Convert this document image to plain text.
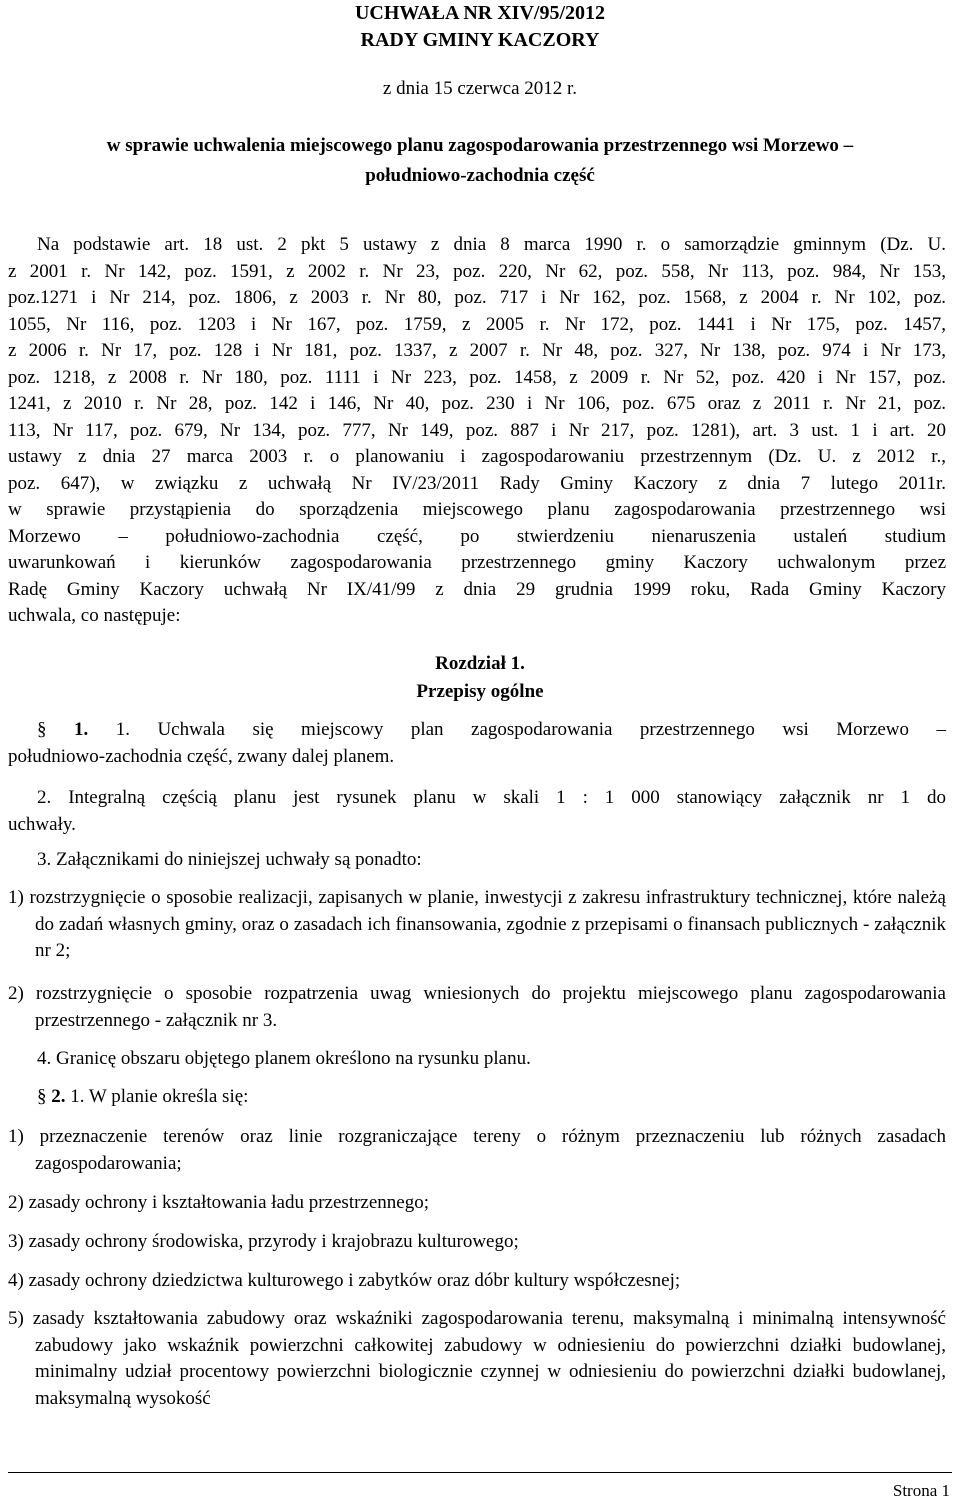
UCHWAŁA NR XIV/95/2012
RADY GMINY KACZORY
z dnia 15 czerwca 2012 r.
w sprawie uchwalenia miejscowego planu zagospodarowania przestrzennego wsi Morzewo –
południowo-zachodnia część
Na podstawie art. 18 ust. 2 pkt 5 ustawy z dnia 8 marca 1990 r. o samorządzie gminnym (Dz. U.
z 2001 r. Nr 142, poz. 1591, z 2002 r. Nr 23, poz. 220, Nr 62, poz. 558, Nr 113, poz. 984, Nr 153,
poz.1271 i Nr 214, poz. 1806, z 2003 r. Nr 80, poz. 717 i Nr 162, poz. 1568, z 2004 r. Nr 102, poz.
1055, Nr 116, poz. 1203 i Nr 167, poz. 1759, z 2005 r. Nr 172, poz. 1441 i Nr 175, poz. 1457,
z 2006 r. Nr 17, poz. 128 i Nr 181, poz. 1337, z 2007 r. Nr 48, poz. 327, Nr 138, poz. 974 i Nr 173,
poz. 1218, z 2008 r. Nr 180, poz. 1111 i Nr 223, poz. 1458, z 2009 r. Nr 52, poz. 420 i Nr 157, poz.
1241, z 2010 r. Nr 28, poz. 142 i 146, Nr 40, poz. 230 i Nr 106, poz. 675 oraz z 2011 r. Nr 21, poz.
113, Nr 117, poz. 679, Nr 134, poz. 777, Nr 149, poz. 887 i Nr 217, poz. 1281), art. 3 ust. 1 i art. 20
ustawy z dnia 27 marca 2003 r. o planowaniu i zagospodarowaniu przestrzennym (Dz. U. z 2012 r.,
poz. 647), w związku z uchwałą Nr IV/23/2011 Rady Gminy Kaczory z dnia 7 lutego 2011r.
w sprawie przystąpienia do sporządzenia miejscowego planu zagospodarowania przestrzennego wsi
Morzewo – południowo-zachodnia część, po stwierdzeniu nienaruszenia ustaleń studium
uwarunkowań i kierunków zagospodarowania przestrzennego gminy Kaczory uchwalonym przez
Radę Gminy Kaczory uchwałą Nr IX/41/99 z dnia 29 grudnia 1999 roku, Rada Gminy Kaczory
uchwala, co następuje:
Rozdział 1.
Przepisy ogólne
§ 1. 1. Uchwala się miejscowy plan zagospodarowania przestrzennego wsi Morzewo –
południowo-zachodnia część, zwany dalej planem.
2. Integralną częścią planu jest rysunek planu w skali 1 : 1 000 stanowiący załącznik nr 1 do
uchwały.
3. Załącznikami do niniejszej uchwały są ponadto:
1) rozstrzygnięcie o sposobie realizacji, zapisanych w planie, inwestycji z zakresu infrastruktury technicznej, które należą do zadań własnych gminy, oraz o zasadach ich finansowania, zgodnie z przepisami o finansach publicznych - załącznik nr 2;
2) rozstrzygnięcie o sposobie rozpatrzenia uwag wniesionych do projektu miejscowego planu zagospodarowania przestrzennego - załącznik nr 3.
4. Granicę obszaru objętego planem określono na rysunku planu.
§ 2. 1. W planie określa się:
1) przeznaczenie terenów oraz linie rozgraniczające tereny o różnym przeznaczeniu lub różnych zasadach zagospodarowania;
2) zasady ochrony i kształtowania ładu przestrzennego;
3) zasady ochrony środowiska, przyrody i krajobrazu kulturowego;
4) zasady ochrony dziedzictwa kulturowego i zabytków oraz dóbr kultury współczesnej;
5) zasady kształtowania zabudowy oraz wskaźniki zagospodarowania terenu, maksymalną i minimalną intensywność zabudowy jako wskaźnik powierzchni całkowitej zabudowy w odniesieniu do powierzchni działki budowlanej, minimalny udział procentowy powierzchni biologicznie czynnej w odniesieniu do powierzchni działki budowlanej, maksymalną wysokość
Strona 1
